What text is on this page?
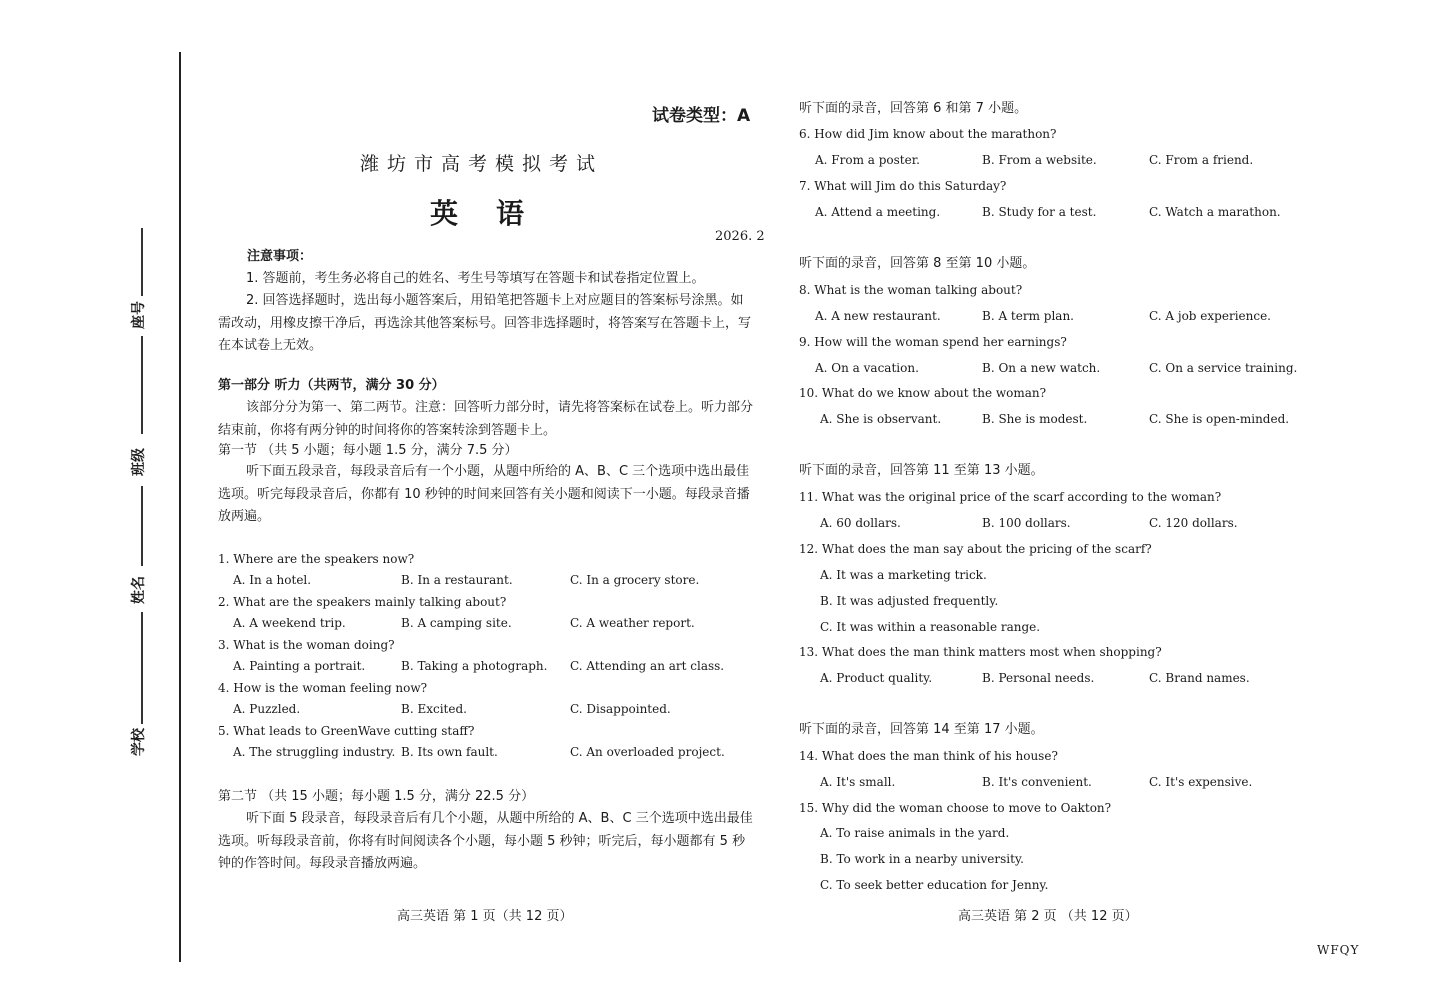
座号
班级
姓名
学校
试卷类型：A
潍坊市高考模拟考试
英语
2026. 2
注意事项：
1. 答题前，考生务必将自己的姓名、考生号等填写在答题卡和试卷指定位置上。
2. 回答选择题时，选出每小题答案后，用铅笔把答题卡上对应题目的答案标号涂黑。如需改动，用橡皮擦干净后，再选涂其他答案标号。回答非选择题时，将答案写在答题卡上，写在本试卷上无效。
第一部分 听力（共两节，满分 30 分）
该部分分为第一、第二两节。注意：回答听力部分时，请先将答案标在试卷上。听力部分结束前，你将有两分钟的时间将你的答案转涂到答题卡上。
第一节 （共 5 小题；每小题 1.5 分，满分 7.5 分）
听下面五段录音，每段录音后有一个小题，从题中所给的 A、B、C 三个选项中选出最佳选项。听完每段录音后，你都有 10 秒钟的时间来回答有关小题和阅读下一小题。每段录音播放两遍。
1. Where are the speakers now?
A. In a hotel.	B. In a restaurant.	C. In a grocery store.
2. What are the speakers mainly talking about?
A. A weekend trip.	B. A camping site.	C. A weather report.
3. What is the woman doing?
A. Painting a portrait.	B. Taking a photograph. C. Attending an art class.
4. How is the woman feeling now?
A. Puzzled.	B. Excited.	C. Disappointed.
5. What leads to GreenWave cutting staff?
A. The struggling industry. B. Its own fault.	C. An overloaded project.
第二节 （共 15 小题；每小题 1.5 分，满分 22.5 分）
听下面 5 段录音，每段录音后有几个小题，从题中所给的 A、B、C 三个选项中选出最佳选项。听每段录音前，你将有时间阅读各个小题，每小题 5 秒钟；听完后，每小题都有 5 秒钟的作答时间。每段录音播放两遍。
听下面的录音，回答第 6 和第 7 小题。
6. How did Jim know about the marathon?
A. From a poster.	B. From a website.	C. From a friend.
7. What will Jim do this Saturday?
A. Attend a meeting.	B. Study for a test.	C. Watch a marathon.
听下面的录音，回答第 8 至第 10 小题。
8. What is the woman talking about?
A. A new restaurant.	B. A term plan.	C. A job experience.
9. How will the woman spend her earnings?
A. On a vacation.	B. On a new watch.	C. On a service training.
10. What do we know about the woman?
A. She is observant.	B. She is modest.	C. She is open-minded.
听下面的录音，回答第 11 至第 13 小题。
11. What was the original price of the scarf according to the woman?
A. 60 dollars.	B. 100 dollars.	C. 120 dollars.
12. What does the man say about the pricing of the scarf?
A. It was a marketing trick.
B. It was adjusted frequently.
C. It was within a reasonable range.
13. What does the man think matters most when shopping?
A. Product quality.	B. Personal needs.	C. Brand names.
听下面的录音，回答第 14 至第 17 小题。
14. What does the man think of his house?
A. It's small.	B. It's convenient.	C. It's expensive.
15. Why did the woman choose to move to Oakton?
A. To raise animals in the yard.
B. To work in a nearby university.
C. To seek better education for Jenny.
高三英语 第 1 页（共 12 页）	高三英语 第 2 页 （共 12 页）
WFQY
